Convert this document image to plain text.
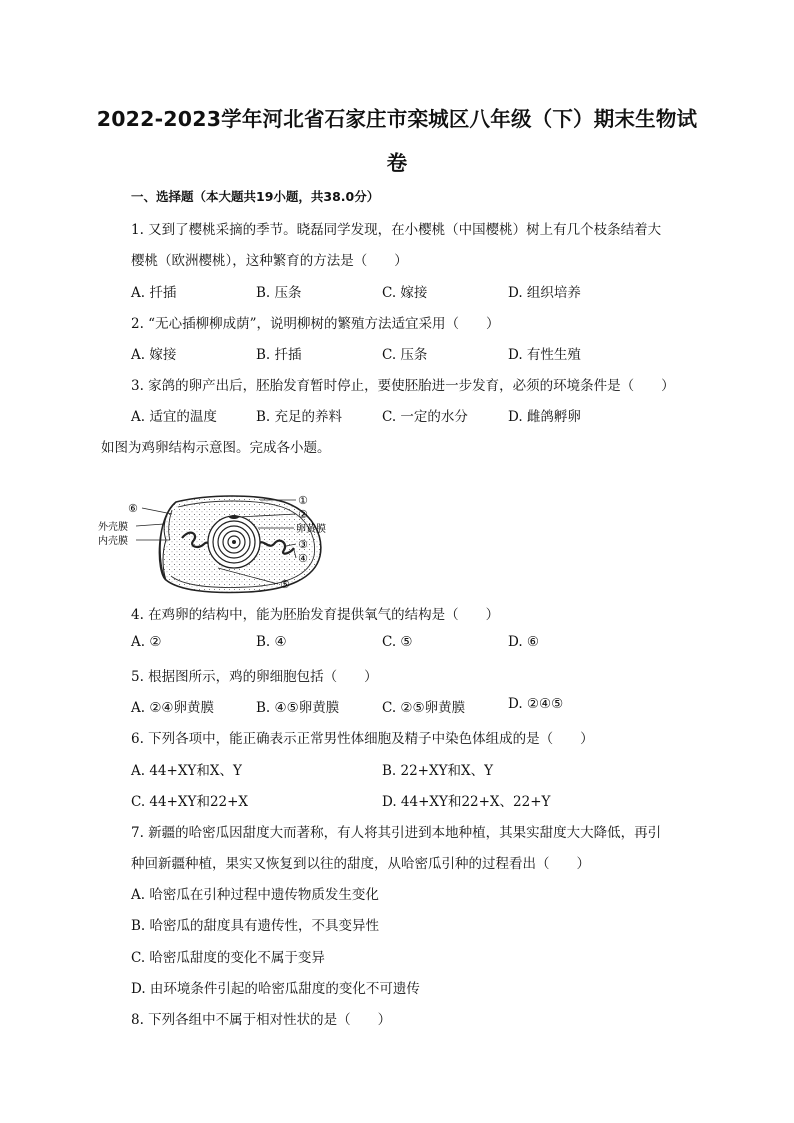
2022-2023学年河北省石家庄市栾城区八年级（下）期末生物试
卷
一、选择题（本大题共19小题，共38.0分）
1. 又到了樱桃采摘的季节。晓磊同学发现，在小樱桃（中国樱桃）树上有几个枝条结着大
樱桃（欧洲樱桃），这种繁育的方法是（　　）
A. 扦插	B. 压条	C. 嫁接	D. 组织培养
2. “无心插柳柳成荫”，说明柳树的繁殖方法适宜采用（　　）
A. 嫁接	B. 扦插	C. 压条	D. 有性生殖
3. 家鸽的卵产出后，胚胎发育暂时停止，要使胚胎进一步发育，必须的环境条件是（　　）
A. 适宜的温度	B. 充足的养料	C. 一定的水分	D. 雌鸽孵卵
如图为鸡卵结构示意图。完成各小题。
①
②
卵黄膜
③
④
⑤
⑥
外壳膜
内壳膜
4. 在鸡卵的结构中，能为胚胎发育提供氧气的结构是（　　）
A. ②	B. ④	C. ⑤	D. ⑥
5. 根据图所示，鸡的卵细胞包括（　　）
A. ②④卵黄膜	B. ④⑤卵黄膜	C. ②⑤卵黄膜	D. ②④⑤
6. 下列各项中，能正确表示正常男性体细胞及精子中染色体组成的是（　　）
A. 44+XY和X、Y	B. 22+XY和X、Y
C. 44+XY和22+X	D. 44+XY和22+X、22+Y
7. 新疆的哈密瓜因甜度大而著称，有人将其引进到本地种植，其果实甜度大大降低，再引
种回新疆种植，果实又恢复到以往的甜度，从哈密瓜引种的过程看出（　　）
A. 哈密瓜在引种过程中遗传物质发生变化
B. 哈密瓜的甜度具有遗传性，不具变异性
C. 哈密瓜甜度的变化不属于变异
D. 由环境条件引起的哈密瓜甜度的变化不可遗传
8. 下列各组中不属于相对性状的是（　　）
